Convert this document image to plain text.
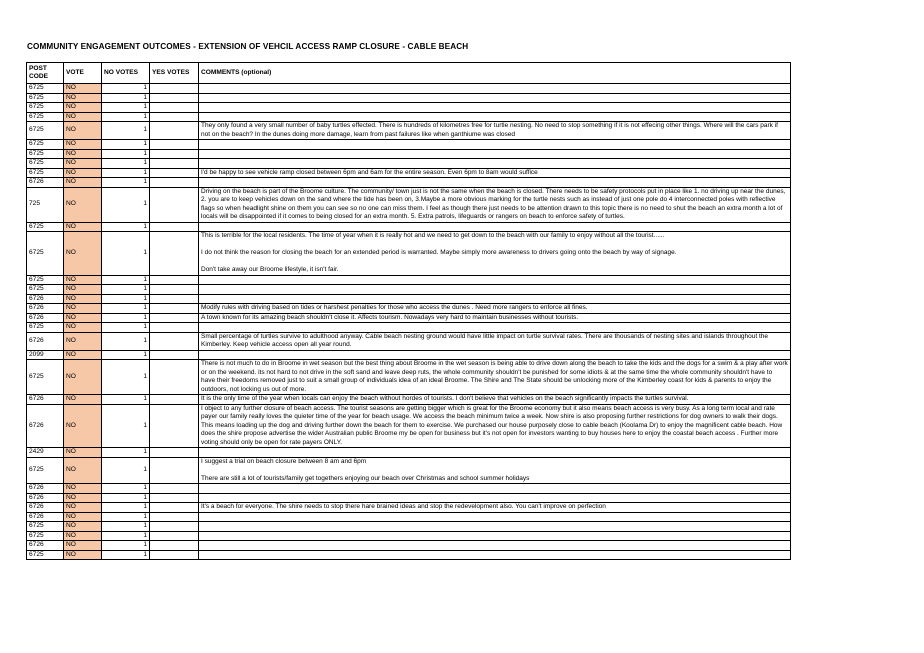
COMMUNITY ENGAGEMENT OUTCOMES - EXTENSION OF VEHCIL ACCESS RAMP CLOSURE - CABLE BEACH
POST
CODE	VOTE	NO VOTES	YES VOTES	COMMENTS (optional)
6725	NO	1		
6725	NO	1		
6725	NO	1		
6725	NO	1		
6725	NO	1		They only found a very small number of baby turtles effected. There is hundreds of kilometres free for turtle nesting. No need to stop something if it is not effecing other things. Where will the cars park if not on the beach? In the dunes doing more damage, learn from past failures like when ganthiume was closed

6725	NO	1		
6725	NO	1		
6725	NO	1		
6725	NO	1		I'd be happy to see vehicle ramp closed between 6pm and 6am for the entire season. Even 6pm to 8am would suffice

6726	NO	1		
725	NO	1		Driving on the beach is part of the Broome culture. The community/ town just is not the same when the beach is closed. There needs to be safety protocols put in place like 1. no driving up near the dunes, 2. you are to keep vehicles down on the sand where the tide has been on, 3.Maybe a more obvious marking for the turtle nests such as instead of just one pole do 4 interconnected poles with reflective flags so when headlight shine on them you can see so no one can miss them. I feel as though there just needs to be attention drawn to this topic there is no need to shut the beach an extra month a lot of locals will be disappointed if it comes to being closed for an extra month. 5. Extra patrols, lifeguards or rangers on beach to enforce safety of turtles.

6725	NO	1		
6725	NO	1		This is terrible for the local residents. The time of year when it is really hot and we need to get down to the beach with our family to enjoy without all the tourist......

I do not think the reason for closing the beach for an extended period is warranted. Maybe simply more awareness to drivers going onto the beach by way of signage.

Don't take away our Broome lifestyle, it isn't fair.

6725	NO	1		
6725	NO	1		
6726	NO	1		
6726	NO	1		Modify rules with driving based on tides or harshest penalties for those who access the dunes . Need more rangers to enforce all fines.

6726	NO	1		A town known for its amazing beach shouldn't close it. Affects tourism. Nowadays very hard to maintain businesses without tourists.

6725	NO	1		
6726	NO	1		Small percentage of turtles survive to adulthood anyway. Cable beach nesting ground would have little impact on turtle survival rates. There are thousands of nesting sites and islands throughout the Kimberley. Keep vehicle access open all year round.

2099	NO	1		
6725	NO	1		There is not much to do in Broome in wet season but the best thing about Broome in the wet season is being able to drive down along the beach to take the kids and the dogs for a swim & a play after work or on the weekend. its not hard to not drive in the soft sand and leave deep ruts, the whole community shouldn't be punished for some idiots & at the same time the whole community shouldn't have to have their freedoms removed just to suit a small group of individuals idea of an ideal Broome. The Shire and The State should be unlocking more of the Kimberley coast for kids & parents to enjoy the outdoors, not locking us out of more.

6726	NO	1		It is the only time of the year when locals can enjoy the beach without hordes of tourists. I don't believe that vehicles on the beach significantly impacts the turtles survival.

6726	NO	1		I object to any further closure of beach access. The tourist seasons are getting bigger which is great for the Broome economy but it also means beach access is very busy. As a long term local and rate payer our family really loves the quieter time of the year for beach usage. We access the beach minimum twice a week. Now shire is also proposing further restrictions for dog owners to walk their dogs. This means loading up the dog and driving further down the beach for them to exercise. We purchased our house purposely close to cable beach (Koolama Dr) to enjoy the magnificent cable beach. How does the shire propose advertise the wider Australian public Broome my be open for business but it's not open for investors wanting to buy houses here to enjoy the coastal beach access . Further more voting should only be open for rate payers ONLY.

2429	NO	1		
6725	NO	1		I suggest a trial on beach closure between 8 am and 6pm

There are still a lot of tourists/family get togethers enjoying our beach over Christmas and school summer holidays

6726	NO	1		
6726	NO	1		
6726	NO	1		It's a beach for everyone. The shire needs to stop there hare brained ideas and stop the redevelopment also. You can't improve on perfection

6726	NO	1		
6725	NO	1		
6725	NO	1		
6726	NO	1		
6725	NO	1		
